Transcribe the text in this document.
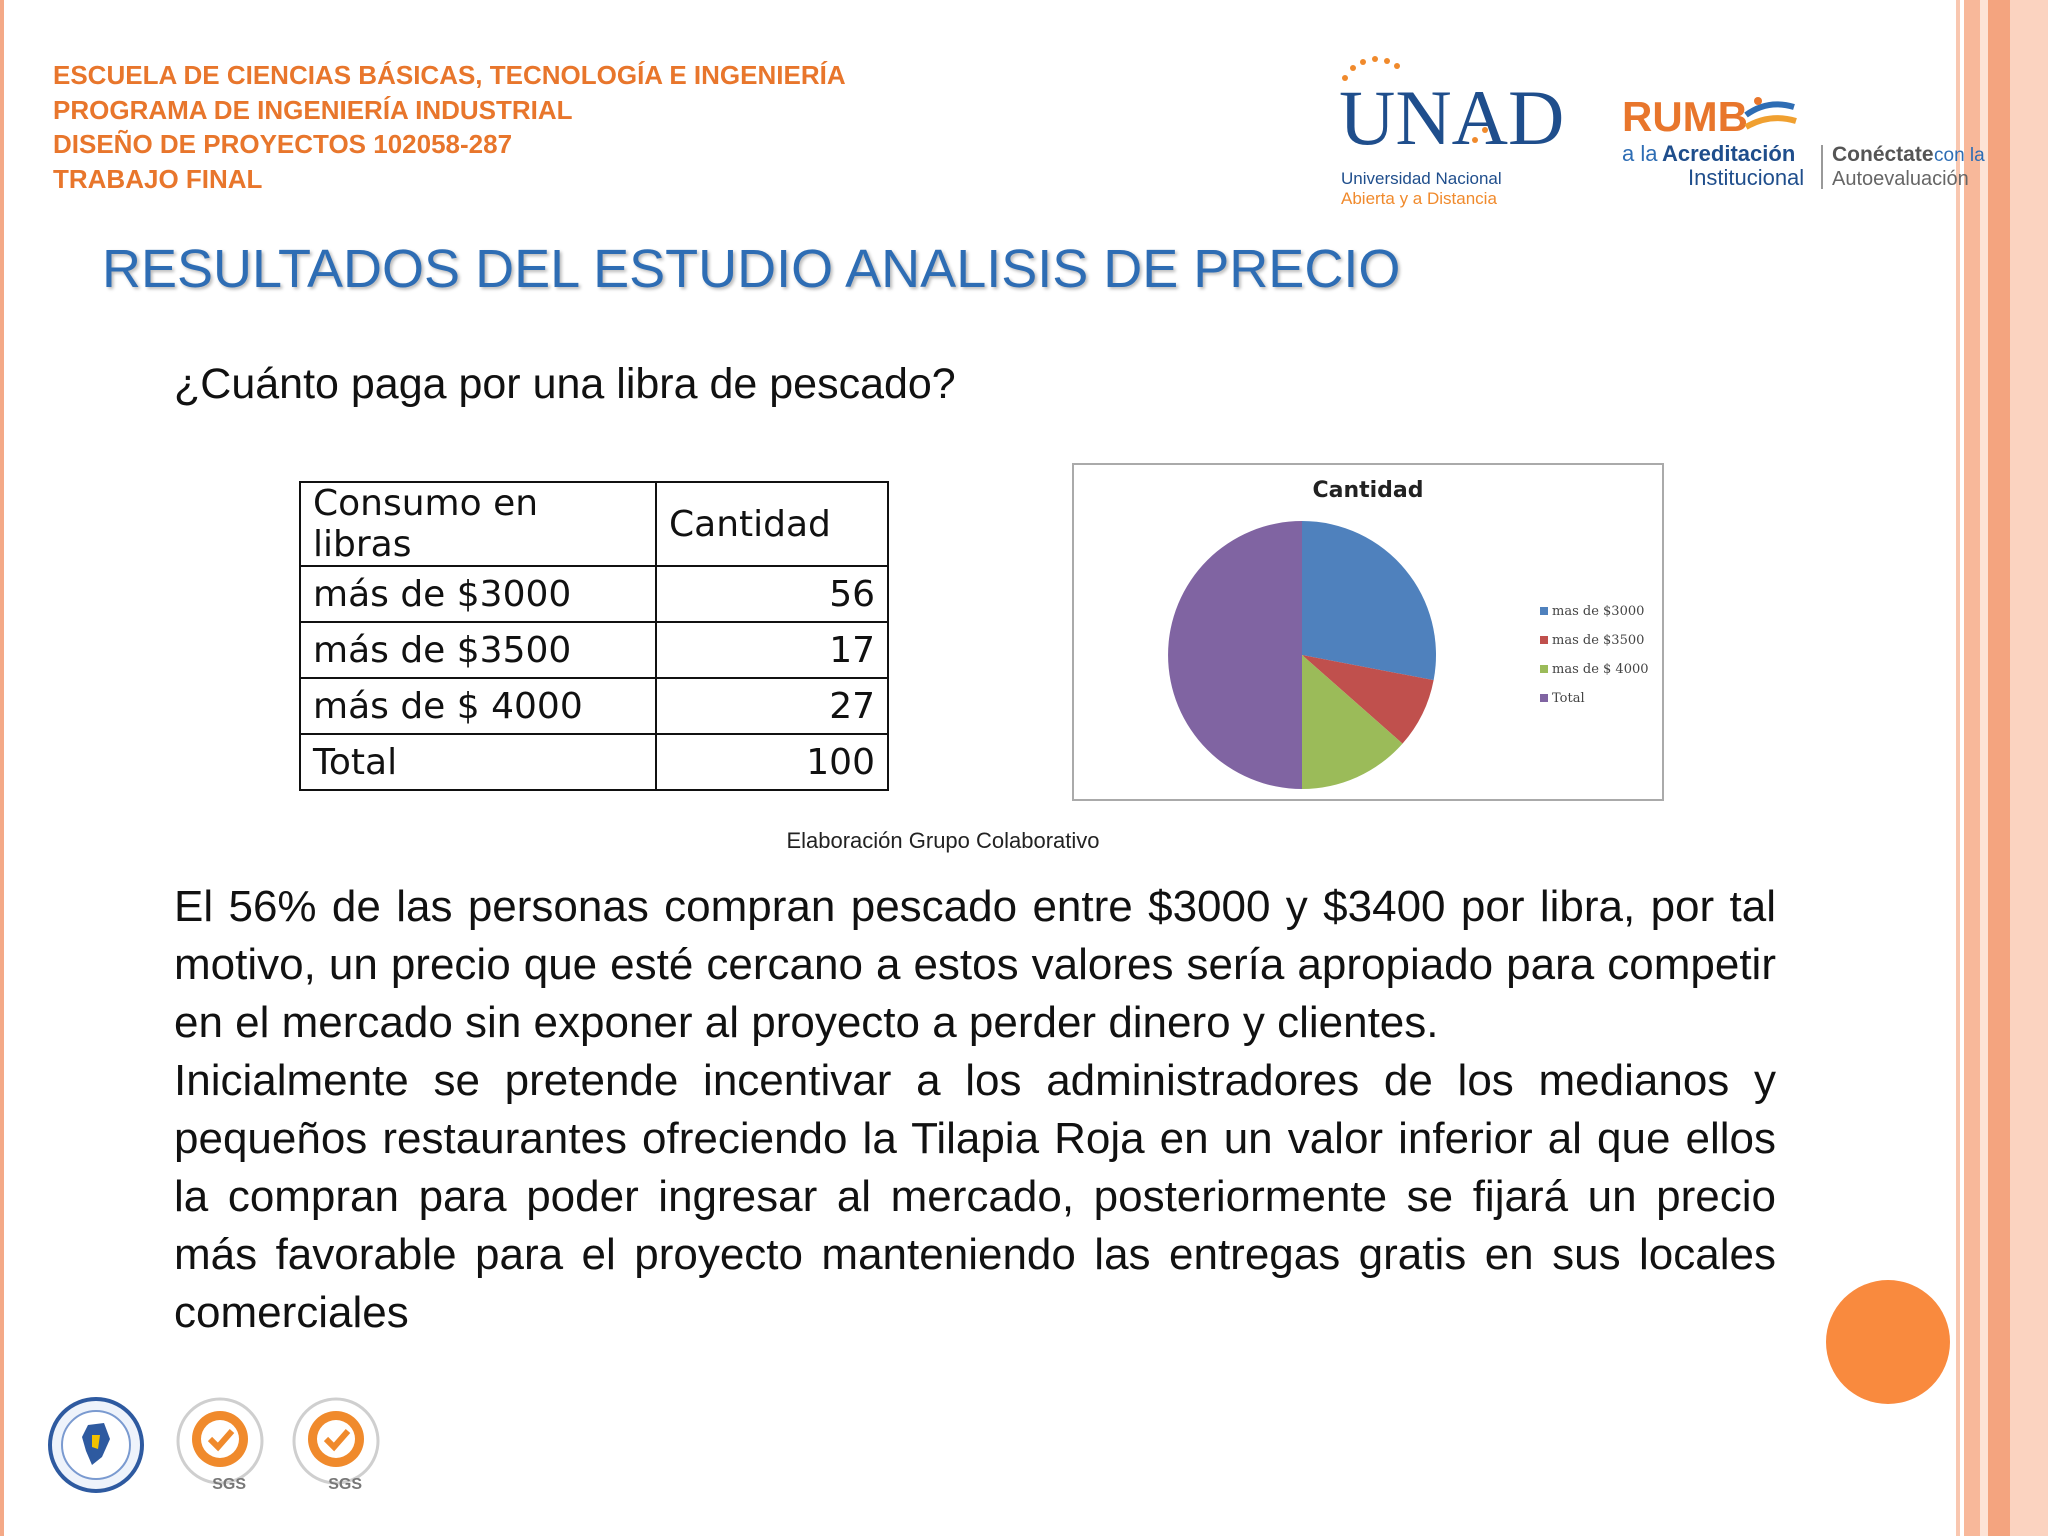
ESCUELA DE CIENCIAS BÁSICAS, TECNOLOGÍA E INGENIERÍA
PROGRAMA DE INGENIERÍA INDUSTRIAL
DISEÑO DE PROYECTOS 102058-287
TRABAJO FINAL
UNAD
Universidad Nacional
Abierta y a Distancia
RUMB
a la Acreditación
Institucional
Conéctate con la
Autoevaluación
RESULTADOS DEL ESTUDIO ANALISIS DE PRECIO
¿Cuánto paga por una libra de pescado?
Consumo en libras	Cantidad
más de $3000	56
más de $3500	17
más de $ 4000	27
Total	100
Cantidad
mas de $3000
mas de $3500
mas de $ 4000
Total
Elaboración Grupo Colaborativo

El 56% de las personas compran pescado entre $3000 y $3400 por libra, por tal motivo, un precio que esté cercano a estos valores sería apropiado para competir en el mercado sin exponer al proyecto a perder dinero y clientes.

Inicialmente se pretende incentivar a los administradores de los medianos y pequeños restaurantes ofreciendo la Tilapia Roja en un valor inferior al que ellos la compran para poder ingresar al mercado, posteriormente se fijará un precio más favorable para el proyecto manteniendo las entregas gratis en sus locales comerciales

SGS	SGS
